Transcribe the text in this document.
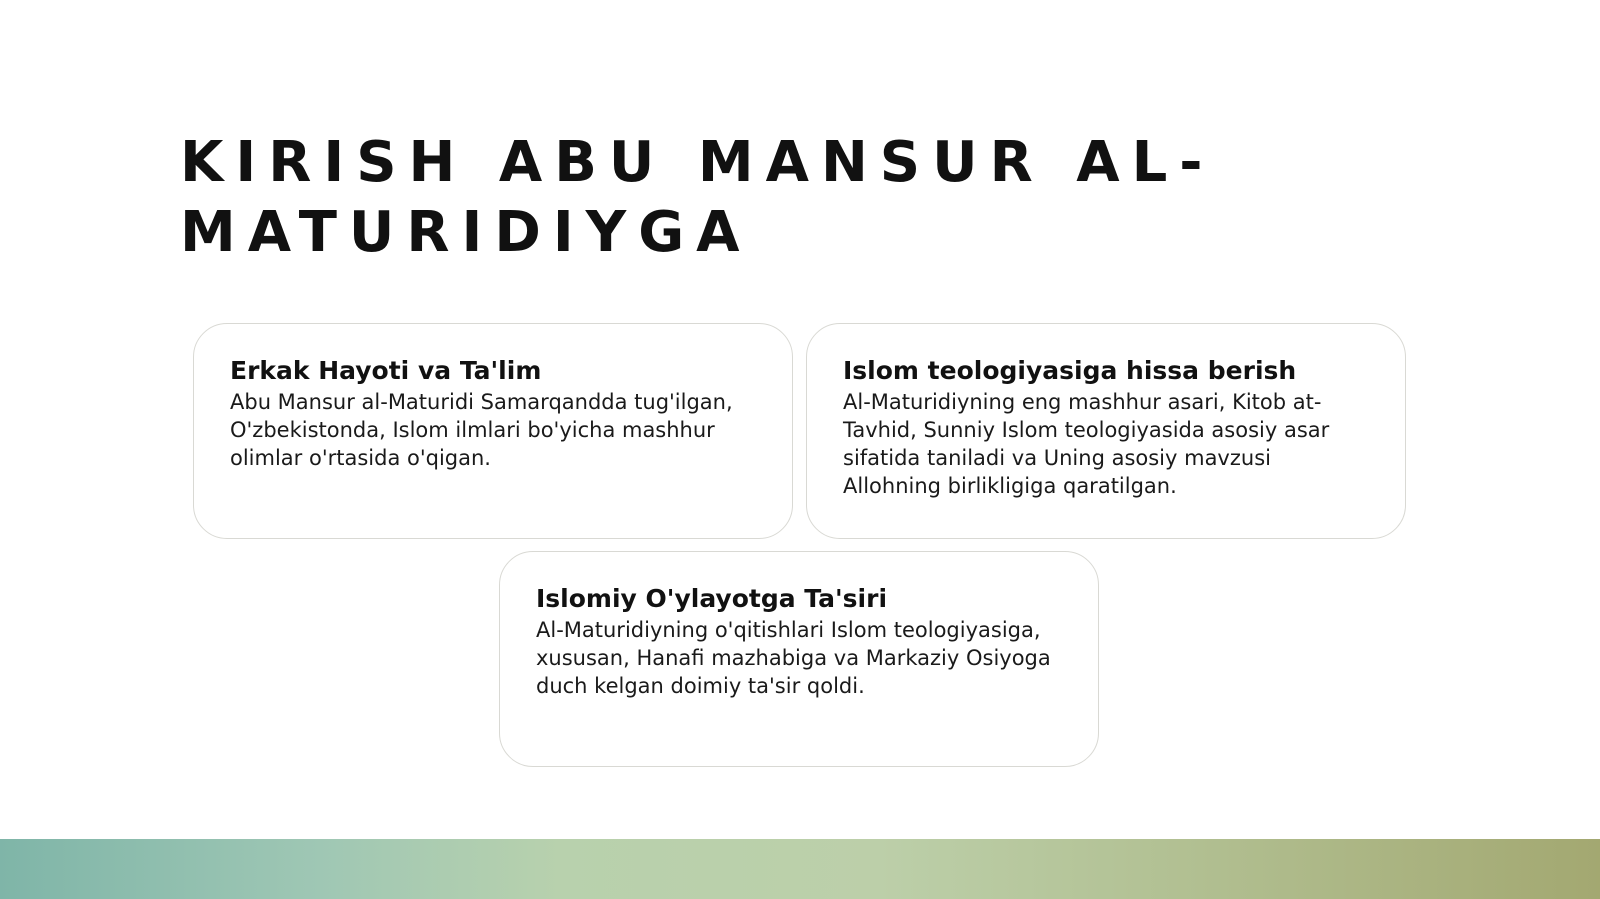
KIRISH ABU MANSUR AL-MATURIDIYGA
Erkak Hayoti va Ta'lim
Abu Mansur al-Maturidi Samarqandda tug'ilgan, O'zbekistonda, Islom ilmlari bo'yicha mashhur olimlar o'rtasida o'qigan.
Islom teologiyasiga hissa berish
Al-Maturidiyning eng mashhur asari, Kitob at-Tavhid, Sunniy Islom teologiyasida asosiy asar sifatida taniladi va Uning asosiy mavzusi Allohning birlikligiga qaratilgan.
Islomiy O'ylayotga Ta'siri
Al-Maturidiyning o'qitishlari Islom teologiyasiga, xususan, Hanafi mazhabiga va Markaziy Osiyoga duch kelgan doimiy ta'sir qoldi.
